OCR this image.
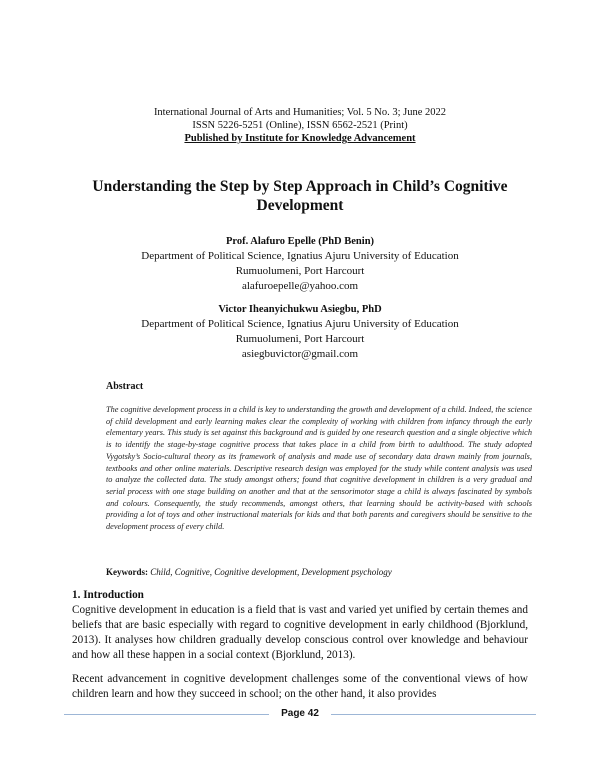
International Journal of Arts and Humanities; Vol. 5 No. 3; June 2022
ISSN 5226-5251 (Online), ISSN 6562-2521 (Print)
Published by Institute for Knowledge Advancement
Understanding the Step by Step Approach in Child’s Cognitive
Development
Prof. Alafuro Epelle (PhD Benin)
Department of Political Science, Ignatius Ajuru University of Education
Rumuolumeni, Port Harcourt
alafuroepelle@yahoo.com
Victor Iheanyichukwu Asiegbu, PhD
Department of Political Science, Ignatius Ajuru University of Education
Rumuolumeni, Port Harcourt
asiegbuvictor@gmail.com
Abstract
The cognitive development process in a child is key to understanding the growth and development of a child. Indeed, the science of child development and early learning makes clear the complexity of working with children from infancy through the early elementary years. This study is set against this background and is guided by one research question and a single objective which is to identify the stage-by-stage cognitive process that takes place in a child from birth to adulthood. The study adopted Vygotsky’s Socio-cultural theory as its framework of analysis and made use of secondary data drawn mainly from journals, textbooks and other online materials. Descriptive research design was employed for the study while content analysis was used to analyze the collected data. The study amongst others; found that cognitive development in children is a very gradual and serial process with one stage building on another and that at the sensorimotor stage a child is always fascinated by symbols and colours. Consequently, the study recommends, amongst others, that learning should be activity-based with schools providing a lot of toys and other instructional materials for kids and that both parents and caregivers should be sensitive to the development process of every child.
Keywords: Child, Cognitive, Cognitive development, Development psychology
1. Introduction
Cognitive development in education is a field that is vast and varied yet unified by certain themes and beliefs that are basic especially with regard to cognitive development in early childhood (Bjorklund, 2013). It analyses how children gradually develop conscious control over knowledge and behaviour and how all these happen in a social context (Bjorklund, 2013).
Recent advancement in cognitive development challenges some of the conventional views of how children learn and how they succeed in school; on the other hand, it also provides
Page 42
